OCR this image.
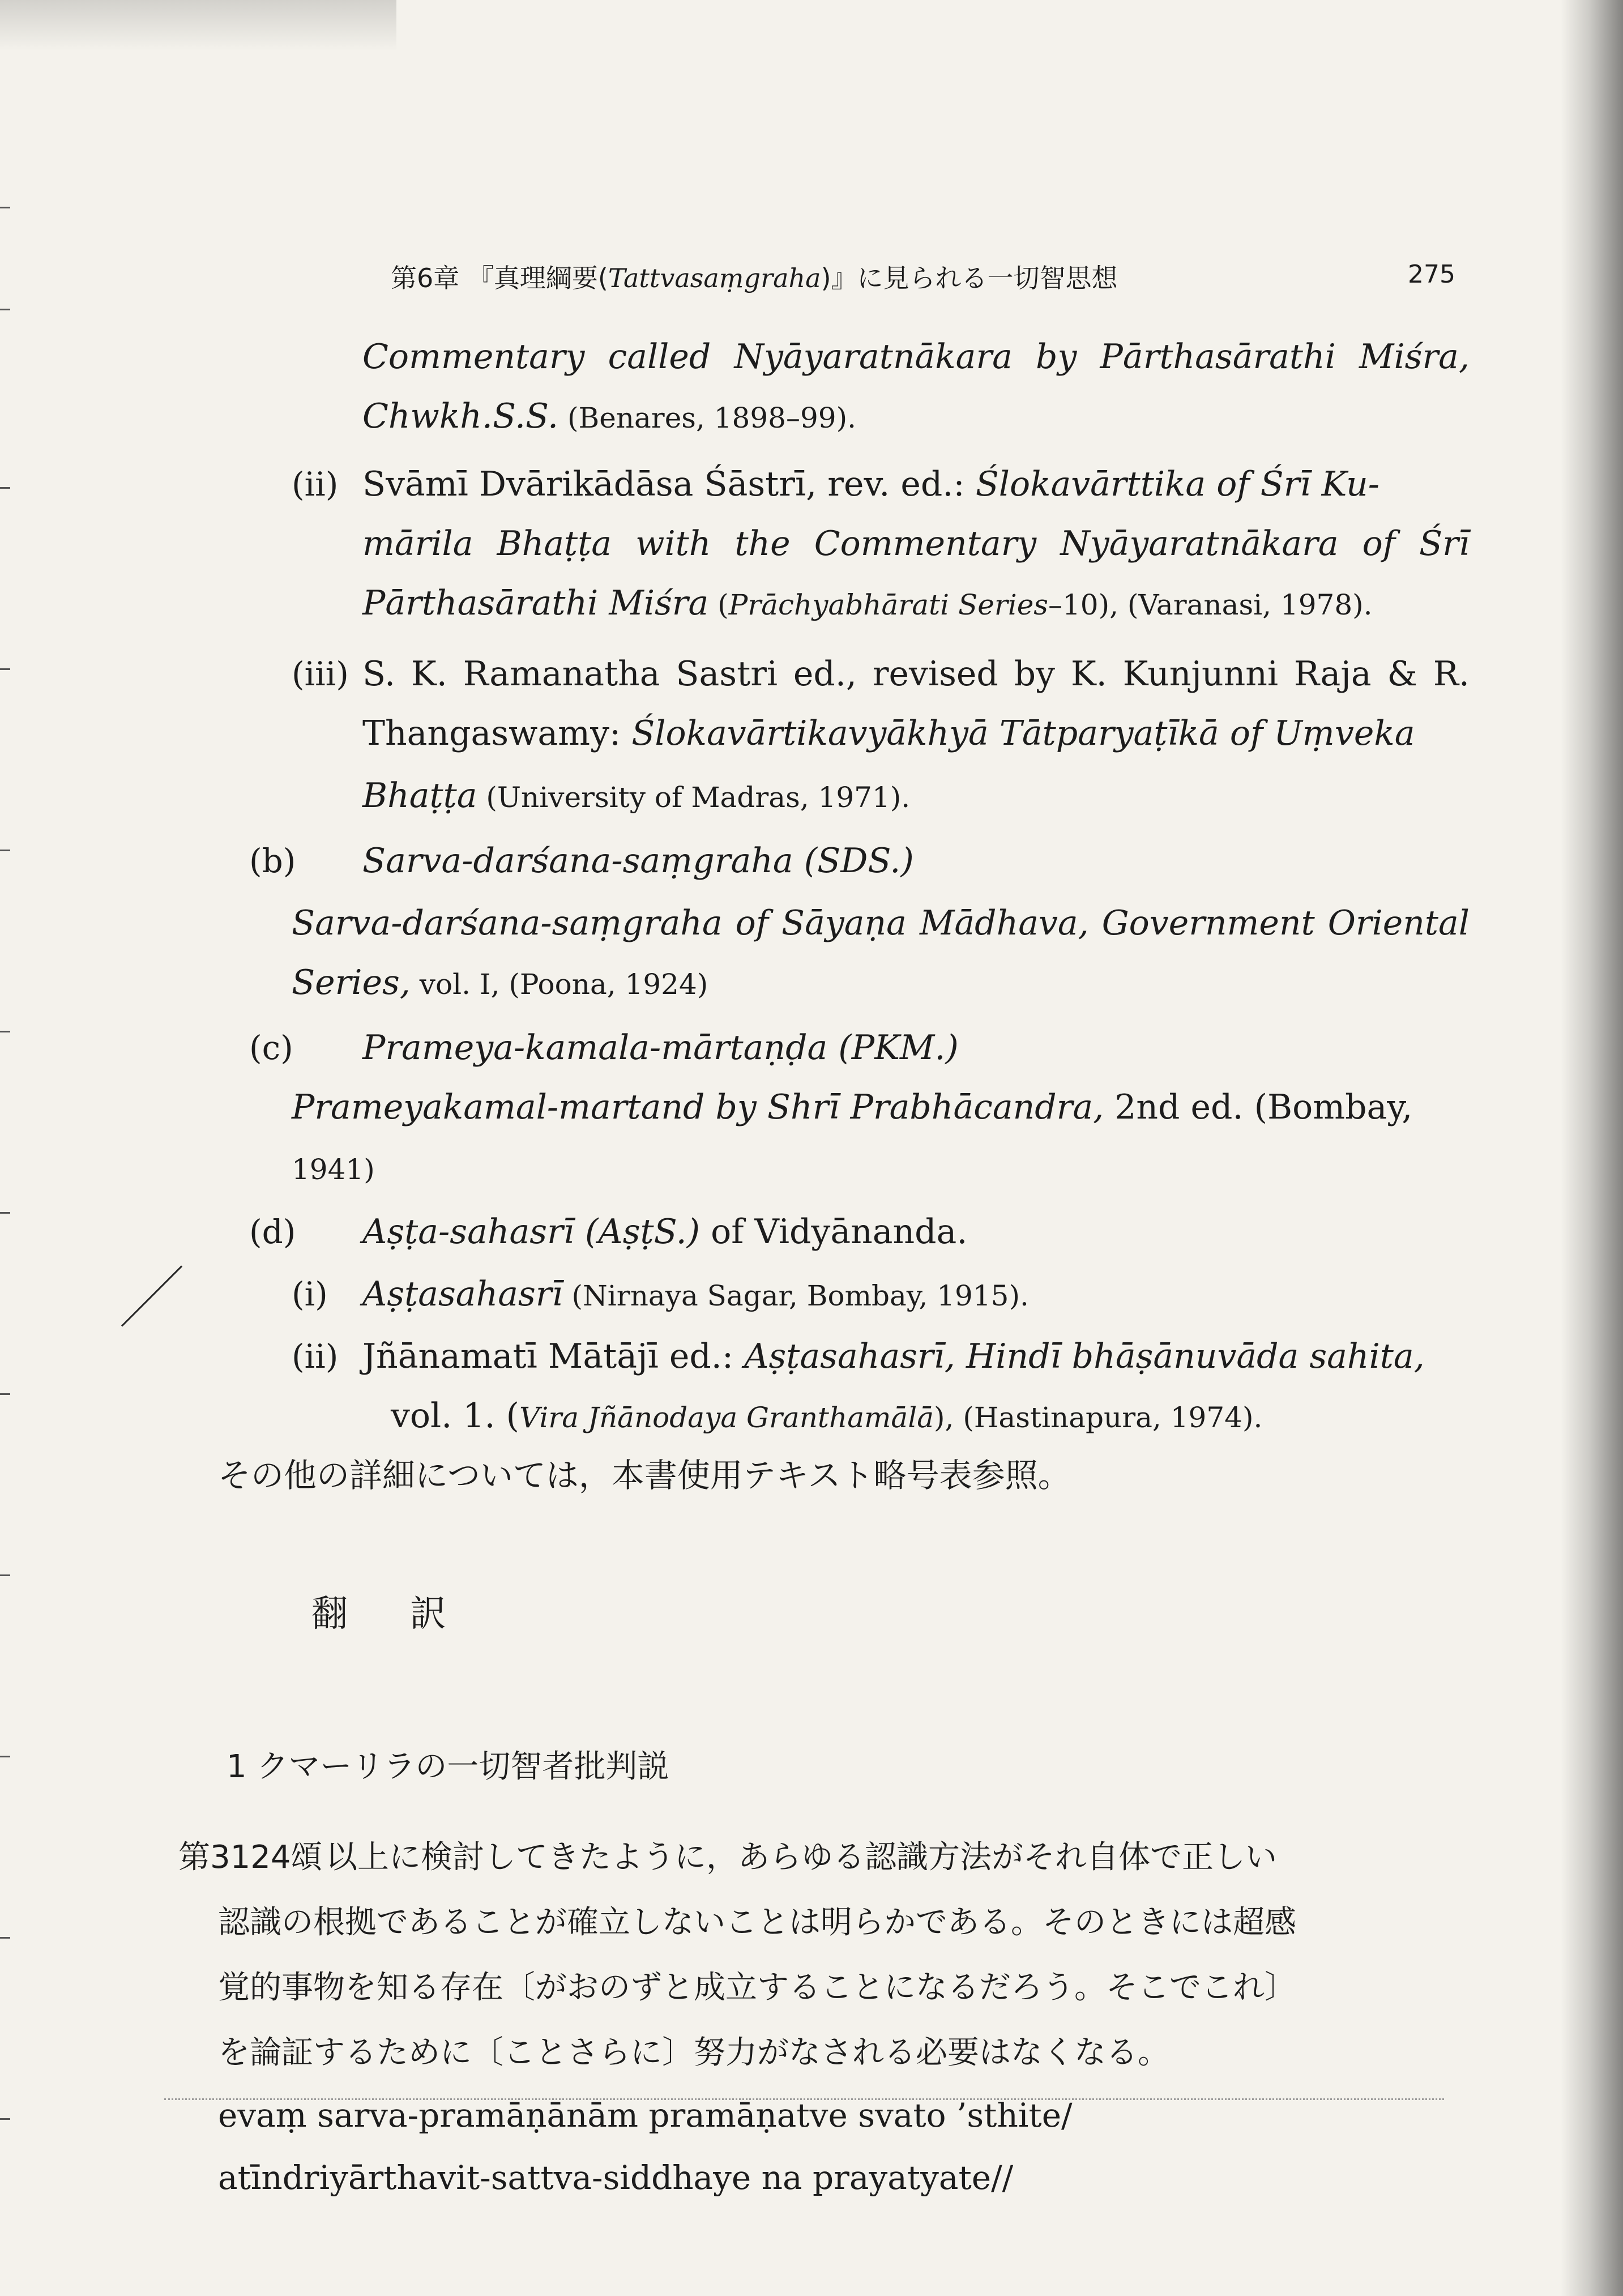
第6章 『真理綱要(Tattvasaṃgraha)』に見られる一切智思想	275
Commentary called Nyāyaratnākara by Pārthasārathi Miśra,
Chwkh.S.S. (Benares, 1898–99).
(ⅱ) Svāmī Dvārikādāsa Śāstrī, rev. ed.: Ślokavārttika of Śrī Ku-
mārila Bhaṭṭa with the Commentary Nyāyaratnākara of Śrī
Pārthasārathi Miśra (Prāchyabhārati Series–10), (Varanasi, 1978).
(ⅲ) S. K. Ramanatha Sastri ed., revised by K. Kunjunni Raja & R.
Thangaswamy: Ślokavārtikavyākhyā Tātparyaṭīkā of Uṃveka
Bhaṭṭa (University of Madras, 1971).
(b) Sarva-darśana-saṃgraha (SDS.)
Sarva-darśana-saṃgraha of Sāyaṇa Mādhava, Government Oriental
Series, vol. I, (Poona, 1924)
(c) Prameya-kamala-mārtaṇḍa (PKM.)
Prameyakamal-martand by Shrī Prabhācandra, 2nd ed. (Bombay,
1941)
(d) Aṣṭa-sahasrī (AṣṭS.) of Vidyānanda.
(i) Aṣṭasahasrī (Nirnaya Sagar, Bombay, 1915).
(ⅱ) Jñānamatī Mātājī ed.: Aṣṭasahasrī, Hindī bhāṣānuvāda sahita,
vol. 1. (Vira Jñānodaya Granthamālā), (Hastinapura, 1974).
その他の詳細については，本書使用テキスト略号表参照。
翻訳
1 クマーリラの一切智者批判説
第3124頌 以上に検討してきたように，あらゆる認識方法がそれ自体で正しい
認識の根拠であることが確立しないことは明らかである。そのときには超感
覚的事物を知る存在〔がおのずと成立することになるだろう。そこでこれ〕
を論証するために〔ことさらに〕努力がなされる必要はなくなる。
evaṃ sarva-pramāṇānām pramāṇatve svato ’sthite/
atīndriyārthavit-sattva-siddhaye na prayatyate//
